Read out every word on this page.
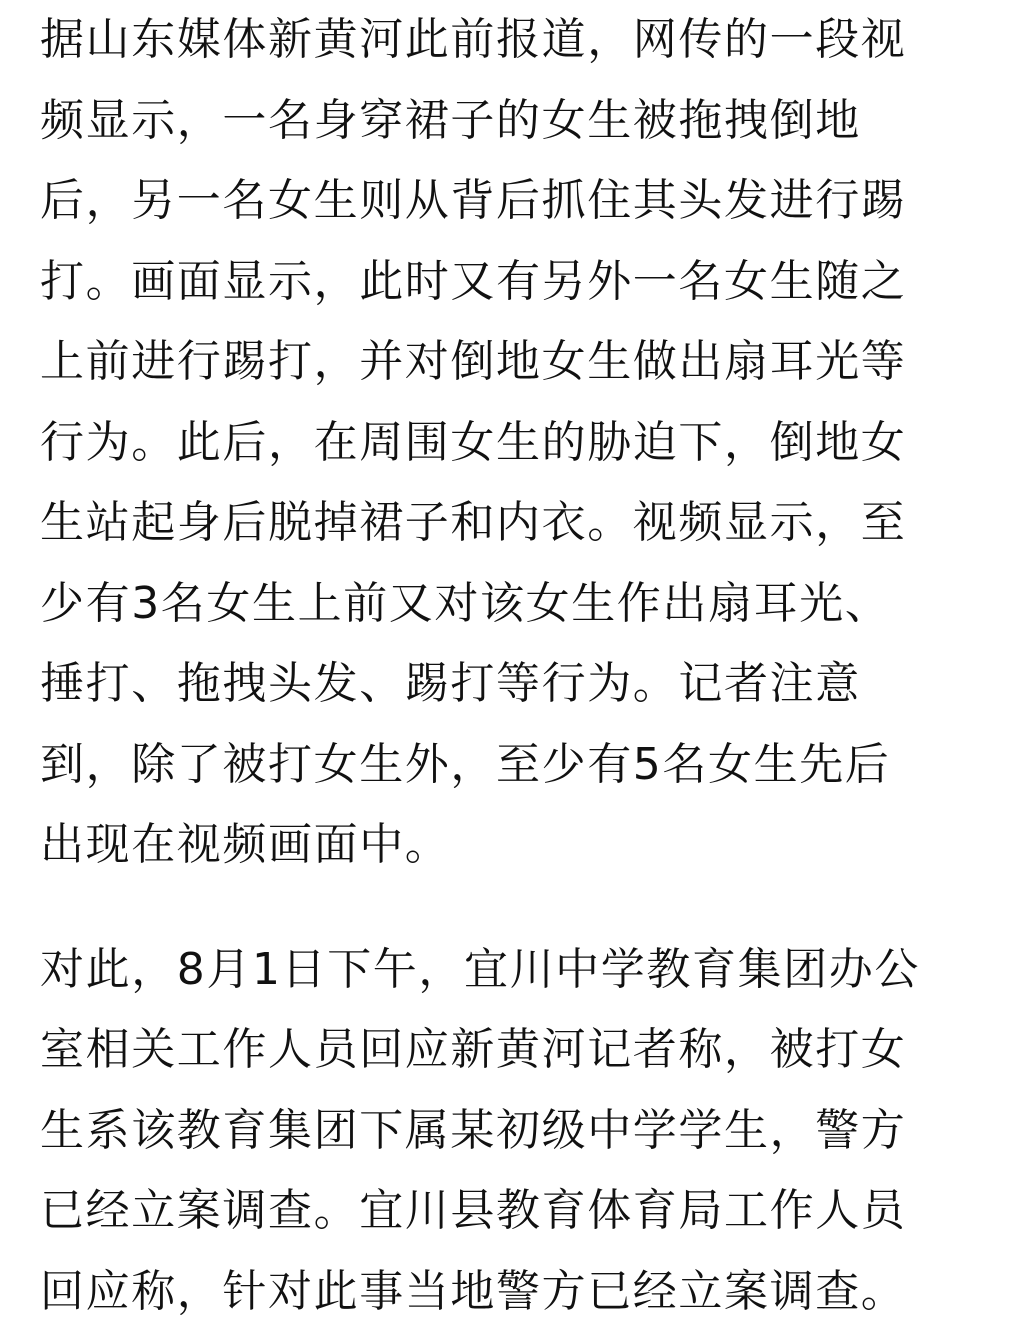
据山东媒体新黄河此前报道，网传的一段视
频显示，一名身穿裙子的女生被拖拽倒地
后，另一名女生则从背后抓住其头发进行踢
打。画面显示，此时又有另外一名女生随之
上前进行踢打，并对倒地女生做出扇耳光等
行为。此后，在周围女生的胁迫下，倒地女
生站起身后脱掉裙子和内衣。视频显示，至
少有3名女生上前又对该女生作出扇耳光、
捶打、拖拽头发、踢打等行为。记者注意
到，除了被打女生外，至少有5名女生先后
出现在视频画面中。
对此，8月1日下午，宜川中学教育集团办公
室相关工作人员回应新黄河记者称，被打女
生系该教育集团下属某初级中学学生，警方
已经立案调查。宜川县教育体育局工作人员
回应称，针对此事当地警方已经立案调查。
